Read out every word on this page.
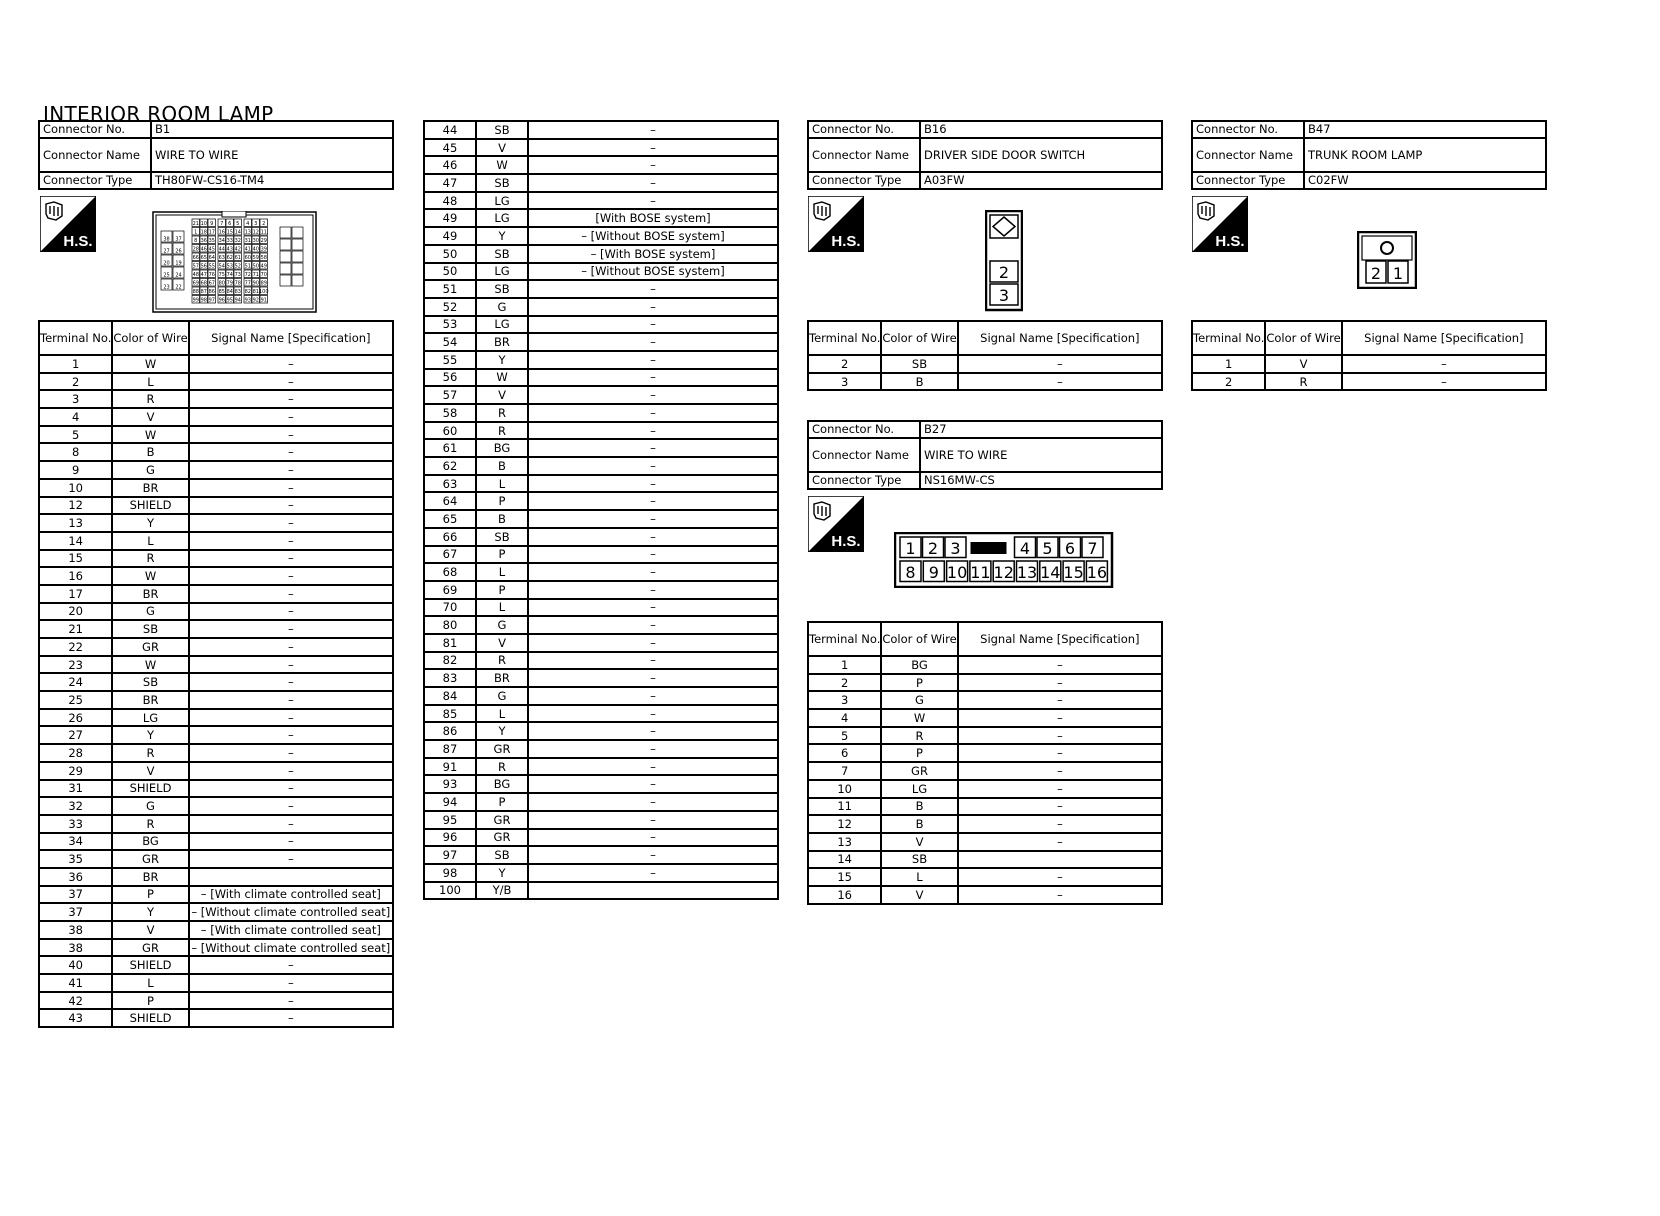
INTERIOR ROOM LAMP
Connector No.	B1
Connector Name	WIRE TO WIRE
Connector Type	TH80FW-CS16-TM4
H.S.	38 37
27 26
20 19
25 24
23 22
21 10 9 7 6 5 4 3 2
1 18 17 16 15 14 13 12 11
8 36 35 34 33 32 31 30 29
28 46 45 44 43 42 41 40 39
66 65 64 63 62 61 60 59 58
57 56 55 54 53 52 51 50 49
48 47 76 75 74 73 72 71 70
69 68 67 80 79 78 77 90 89
88 87 86 85 84 83 82 81 100
99 98 97 96 95 94 93 92 91
Terminal No.	Color of Wire	Signal Name [Specification]
1	W	–
2	L	–
3	R	–
4	V	–
5	W	–
8	B	–
9	G	–
10	BR	–
12	SHIELD	–
13	Y	–
14	L	–
15	R	–
16	W	–
17	BR	–
20	G	–
21	SB	–
22	GR	–
23	W	–
24	SB	–
25	BR	–
26	LG	–
27	Y	–
28	R	–
29	V	–
31	SHIELD	–
32	G	–
33	R	–
34	BG	–
35	GR	–
36	BR	
37	P	– [With climate controlled seat]
37	Y	– [Without climate controlled seat]
38	V	– [With climate controlled seat]
38	GR	– [Without climate controlled seat]
40	SHIELD	–
41	L	–
42	P	–
43	SHIELD	–
44	SB	–
45	V	–
46	W	–
47	SB	–
48	LG	–
49	LG	[With BOSE system]
49	Y	– [Without BOSE system]
50	SB	– [With BOSE system]
50	LG	– [Without BOSE system]
51	SB	–
52	G	–
53	LG	–
54	BR	–
55	Y	–
56	W	–
57	V	–
58	R	–
60	R	–
61	BG	–
62	B	–
63	L	–
64	P	–
65	B	–
66	SB	–
67	P	–
68	L	–
69	P	–
70	L	–
80	G	–
81	V	–
82	R	–
83	BR	–
84	G	–
85	L	–
86	Y	–
87	GR	–
91	R	–
93	BG	–
94	P	–
95	GR	–
96	GR	–
97	SB	–
98	Y	–
100	Y/B	
Connector No.	B16
Connector Name	DRIVER SIDE DOOR SWITCH
Connector Type	A03FW
H.S.
2
3
Terminal No.	Color of Wire	Signal Name [Specification]
2	SB	–
3	B	–
Connector No.	B27
Connector Name	WIRE TO WIRE
Connector Type	NS16MW-CS
H.S.	1 2 3	4 5 6 7
8 9 10 11 12 13 14 15 16
Terminal No.	Color of Wire	Signal Name [Specification]
1	BG	–
2	P	–
3	G	–
4	W	–
5	R	–
6	P	–
7	GR	–
10	LG	–
11	B	–
12	B	–
13	V	–
14	SB	
15	L	–
16	V	–
Connector No.	B47
Connector Name	TRUNK ROOM LAMP
Connector Type	C02FW
H.S.
2 1
Terminal No.	Color of Wire	Signal Name [Specification]
1	V	–
2	R	–
